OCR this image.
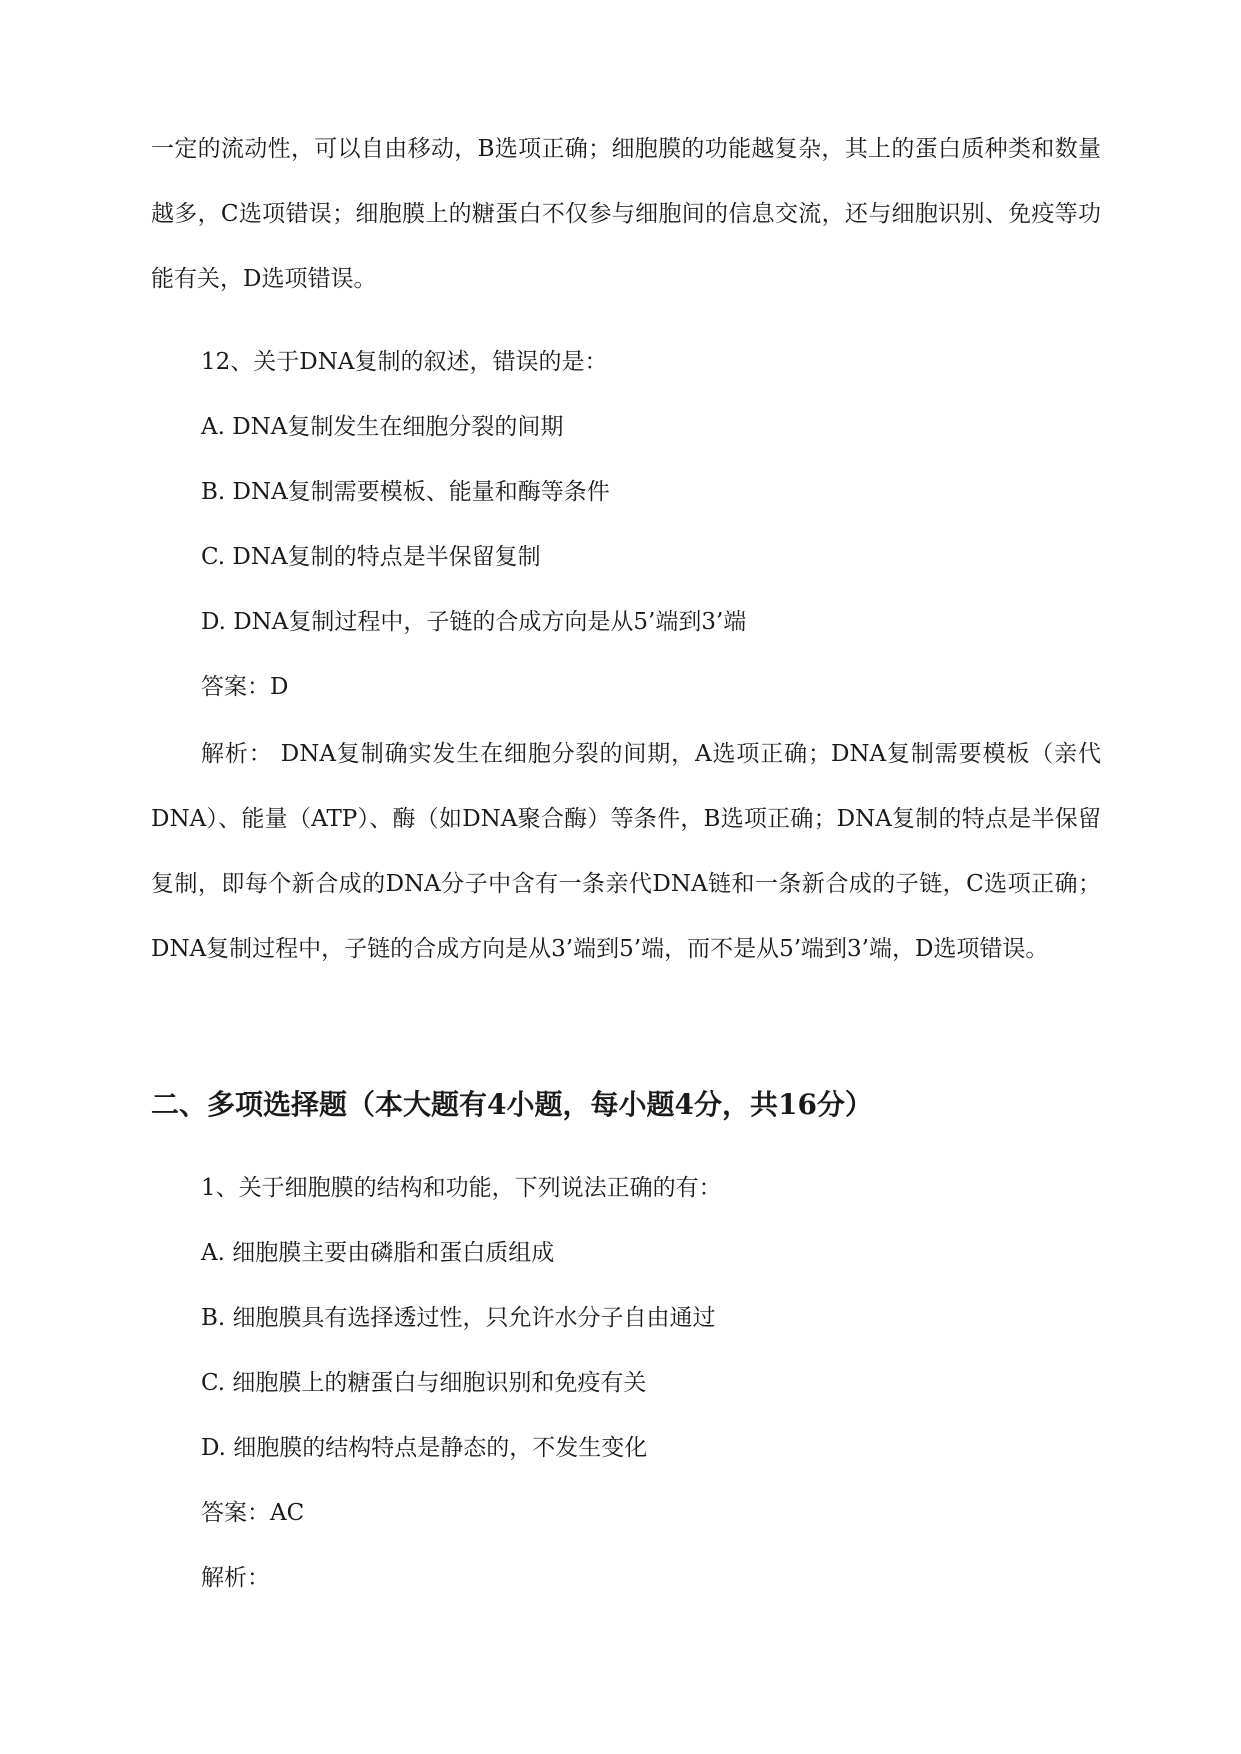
一定的流动性，可以自由移动，B选项正确；细胞膜的功能越复杂，其上的蛋白质种类和数量越多，C选项错误；细胞膜上的糖蛋白不仅参与细胞间的信息交流，还与细胞识别、免疫等功能有关，D选项错误。

12、关于DNA复制的叙述，错误的是：

A. DNA复制发生在细胞分裂的间期

B. DNA复制需要模板、能量和酶等条件

C. DNA复制的特点是半保留复制

D. DNA复制过程中，子链的合成方向是从5’端到3’端

答案：D

解析： DNA复制确实发生在细胞分裂的间期，A选项正确；DNA复制需要模板（亲代DNA）、能量（ATP）、酶（如DNA聚合酶）等条件，B选项正确；DNA复制的特点是半保留复制，即每个新合成的DNA分子中含有一条亲代DNA链和一条新合成的子链，C选项正确；DNA复制过程中，子链的合成方向是从3’端到5’端，而不是从5’端到3’端，D选项错误。

二、多项选择题（本大题有4小题，每小题4分，共16分）

1、关于细胞膜的结构和功能，下列说法正确的有：

A. 细胞膜主要由磷脂和蛋白质组成

B. 细胞膜具有选择透过性，只允许水分子自由通过

C. 细胞膜上的糖蛋白与细胞识别和免疫有关

D. 细胞膜的结构特点是静态的，不发生变化

答案：AC

解析：
